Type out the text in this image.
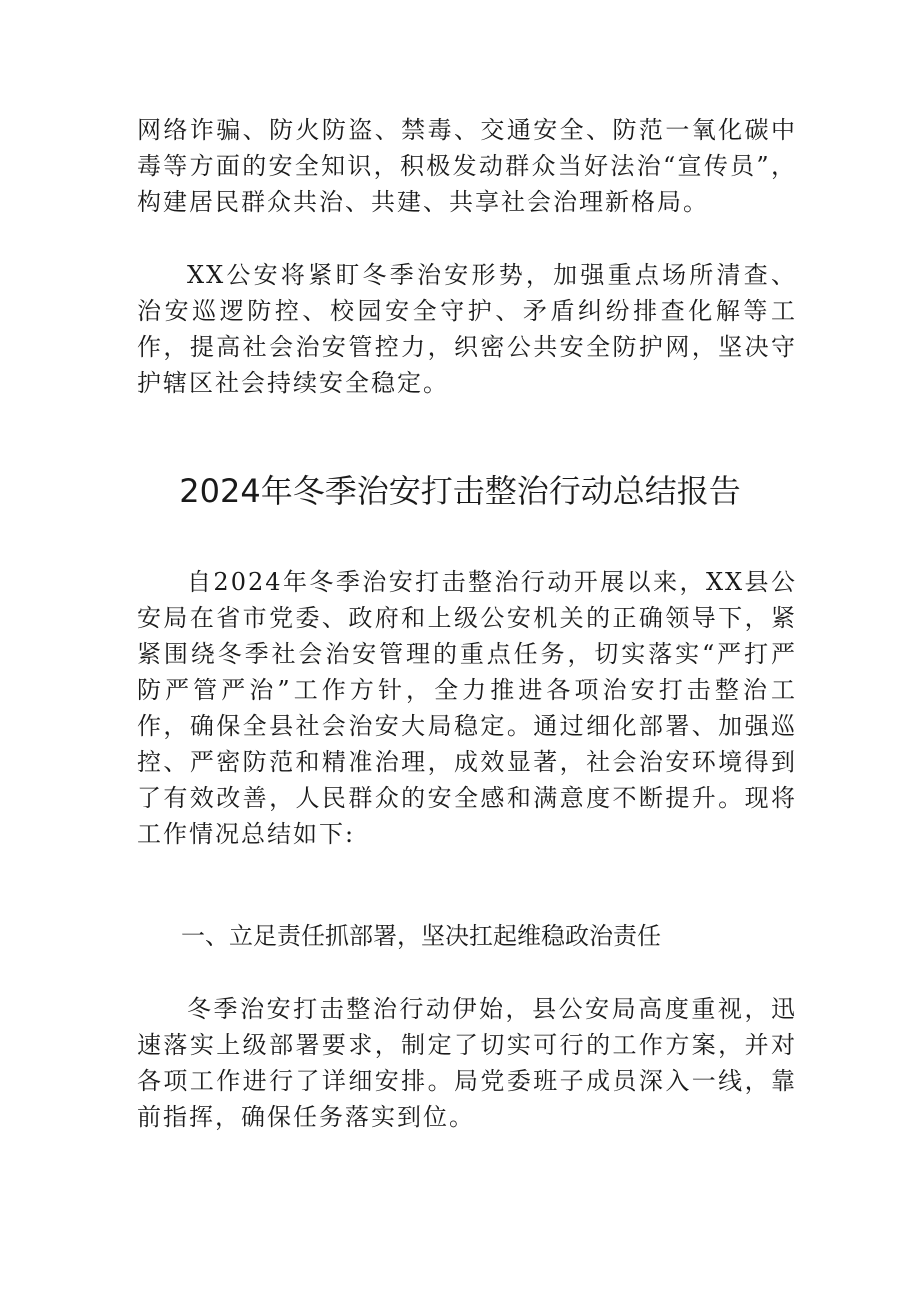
网络诈骗、防火防盗、禁毒、交通安全、防范一氧化碳中毒等方面的安全知识，积极发动群众当好法治“宣传员”，构建居民群众共治、共建、共享社会治理新格局。

XX公安将紧盯冬季治安形势，加强重点场所清查、治安巡逻防控、校园安全守护、矛盾纠纷排查化解等工作，提高社会治安管控力，织密公共安全防护网，坚决守护辖区社会持续安全稳定。

2024年冬季治安打击整治行动总结报告

自2024年冬季治安打击整治行动开展以来，XX县公安局在省市党委、政府和上级公安机关的正确领导下，紧紧围绕冬季社会治安管理的重点任务，切实落实“严打严防严管严治”工作方针，全力推进各项治安打击整治工作，确保全县社会治安大局稳定。通过细化部署、加强巡控、严密防范和精准治理，成效显著，社会治安环境得到了有效改善，人民群众的安全感和满意度不断提升。现将工作情况总结如下:

一、立足责任抓部署，坚决扛起维稳政治责任

冬季治安打击整治行动伊始，县公安局高度重视，迅速落实上级部署要求，制定了切实可行的工作方案，并对各项工作进行了详细安排。局党委班子成员深入一线，靠前指挥，确保任务落实到位。
